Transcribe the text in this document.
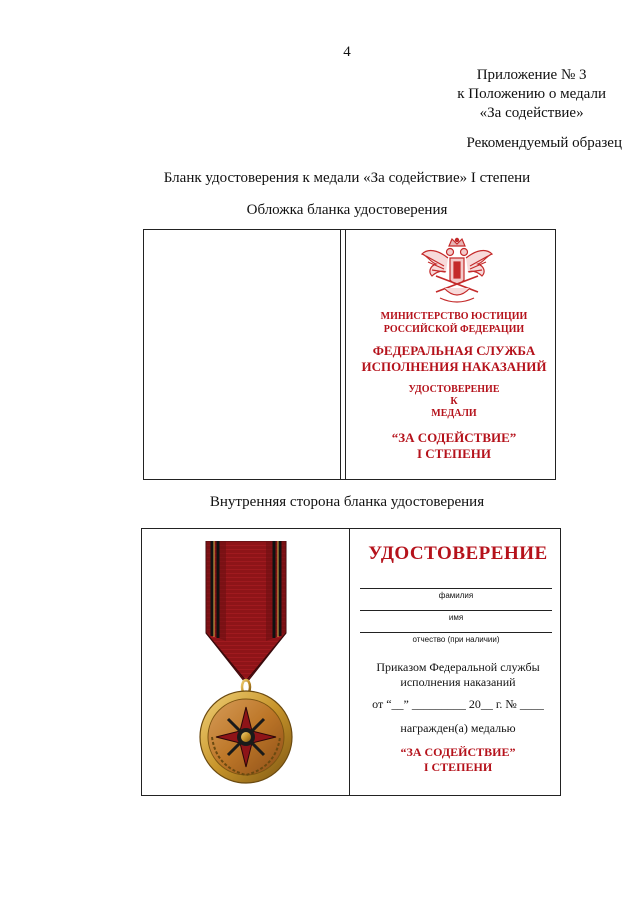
4
Приложение № 3
к Положению о медали
«За содействие»
Рекомендуемый образец
Бланк удостоверения к медали «За содействие» I степени
Обложка бланка удостоверения
МИНИСТЕРСТВО ЮСТИЦИИ
РОССИЙСКОЙ ФЕДЕРАЦИИ
ФЕДЕРАЛЬНАЯ СЛУЖБА
ИСПОЛНЕНИЯ НАКАЗАНИЙ
УДОСТОВЕРЕНИЕ
К
МЕДАЛИ
“ЗА СОДЕЙСТВИЕ”
I СТЕПЕНИ
Внутренняя сторона бланка удостоверения
УДОСТОВЕРЕНИЕ
фамилия
имя
отчество (при наличии)
Приказом Федеральной службы
исполнения наказаний
от “__” _________ 20__ г. № ____
награжден(а) медалью
“ЗА СОДЕЙСТВИЕ”
I СТЕПЕНИ
